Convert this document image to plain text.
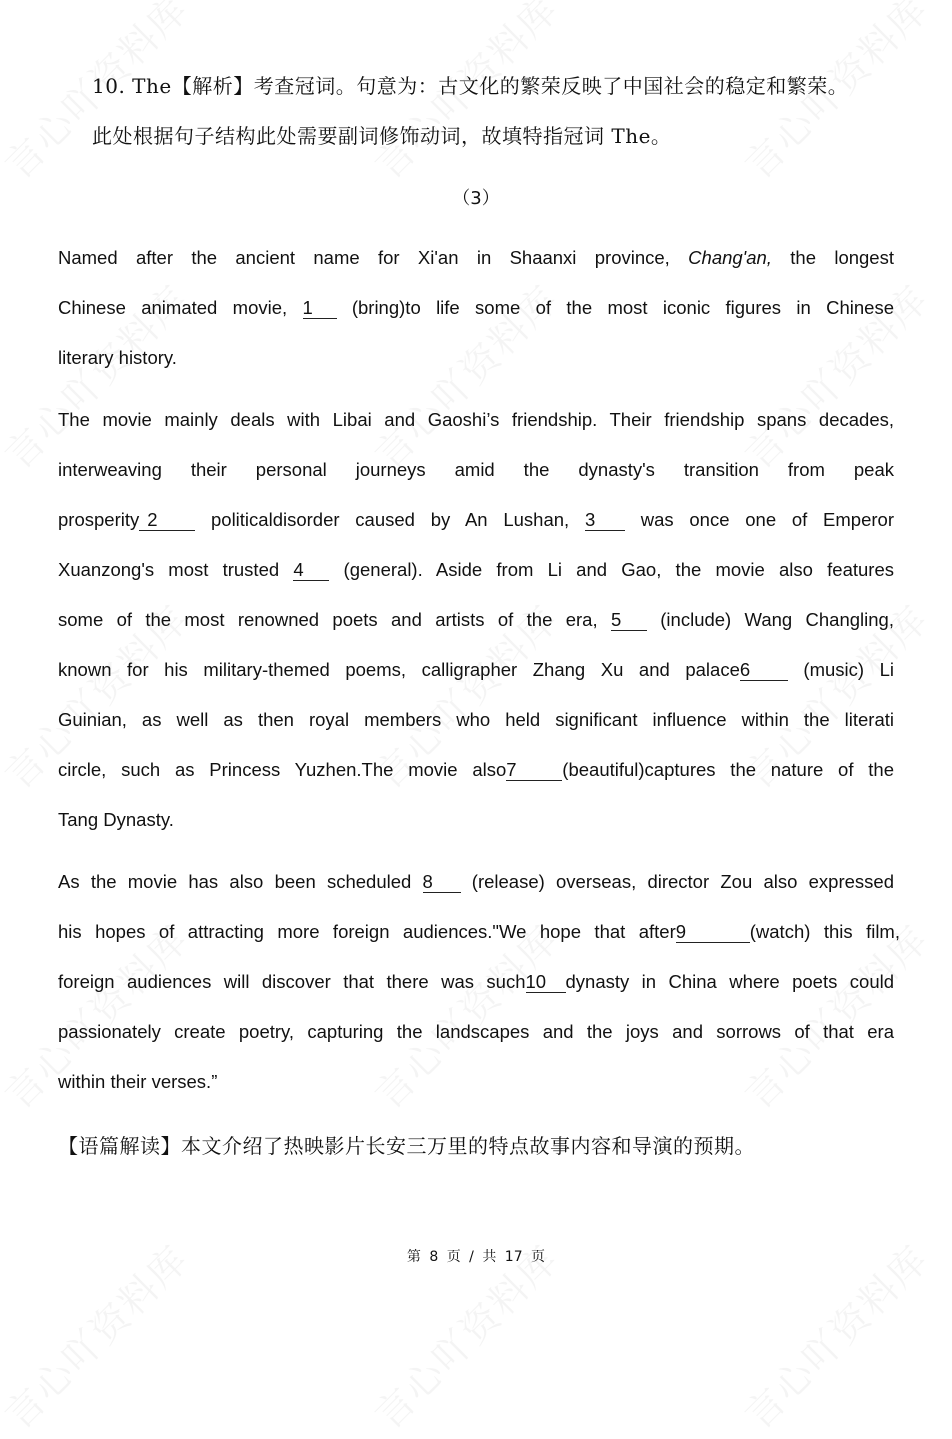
10. The【解析】考查冠词。句意为：古文化的繁荣反映了中国社会的稳定和繁荣。
此处根据句子结构此处需要副词修饰动词，故填特指冠词 The。
（3）
Named after the ancient name for Xi'an in Shaanxi province, Chang'an, the longest
Chinese animated movie, 1 (bring)to life some of the most iconic figures in Chinese
literary history.
The movie mainly deals with Libai and Gaoshi’s friendship. Their friendship spans decades,
interweaving their personal journeys amid the dynasty's transition from peak
prosperity 2 politicaldisorder caused by An Lushan, 3 was once one of Emperor
Xuanzong's most trusted 4 (general). Aside from Li and Gao, the movie also features
some of the most renowned poets and artists of the era, 5 (include) Wang Changling,
known for his military-themed poems, calligrapher Zhang Xu and palace6 (music) Li
Guinian, as well as then royal members who held significant influence within the literati
circle, such as Princess Yuzhen.The movie also7 (beautiful)captures the nature of the
Tang Dynasty.
As the movie has also been scheduled 8 (release) overseas, director Zou also expressed
his hopes of attracting more foreign audiences."We hope that after9	(watch) this film,
foreign audiences will discover that there was such10 dynasty in China where poets could
passionately create poetry, capturing the landscapes and the joys and sorrows of that era
within their verses.”
【语篇解读】本文介绍了热映影片长安三万里的特点故事内容和导演的预期。
第 8 页 / 共 17 页
